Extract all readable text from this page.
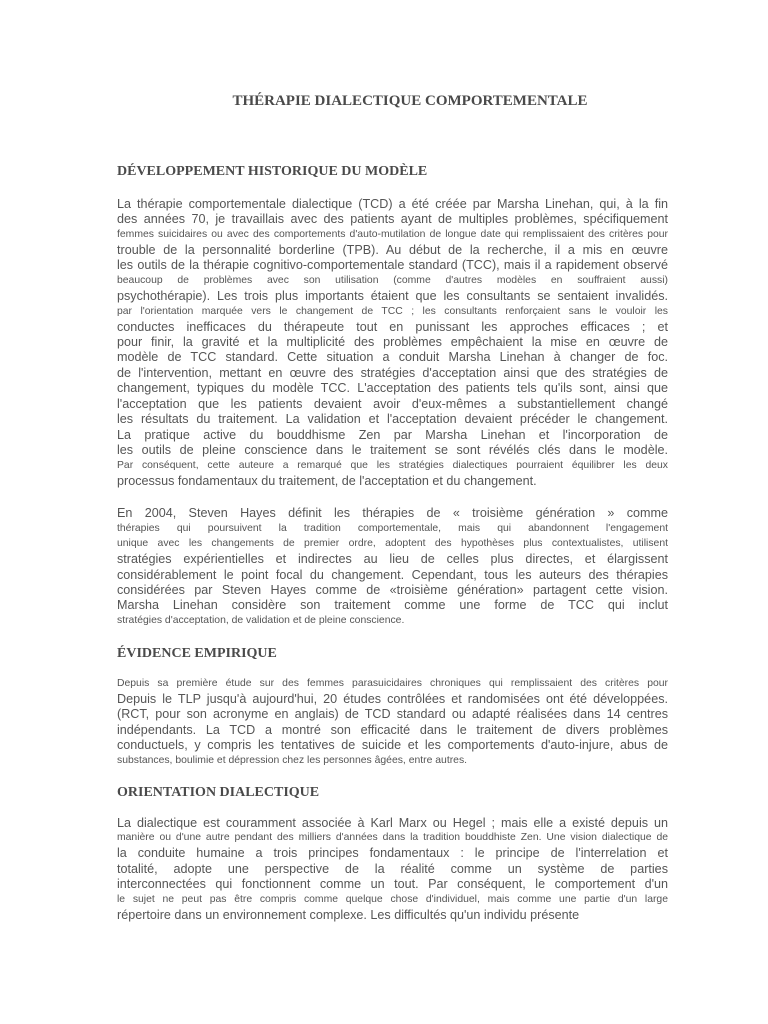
THÉRAPIE DIALECTIQUE COMPORTEMENTALE
DÉVELOPPEMENT HISTORIQUE DU MODÈLE

La thérapie comportementale dialectique (TCD) a été créée par Marsha Linehan, qui, à la fin

des années 70, je travaillais avec des patients ayant de multiples problèmes, spécifiquement

femmes suicidaires ou avec des comportements d'auto-mutilation de longue date qui remplissaient des critères pour

trouble de la personnalité borderline (TPB). Au début de la recherche, il a mis en œuvre

les outils de la thérapie cognitivo-comportementale standard (TCC), mais il a rapidement observé

beaucoup de problèmes avec son utilisation (comme d'autres modèles en souffraient aussi)

psychothérapie). Les trois plus importants étaient que les consultants se sentaient invalidés.

par l'orientation marquée vers le changement de TCC ; les consultants renforçaient sans le vouloir les

conductes inefficaces du thérapeute tout en punissant les approches efficaces ; et

pour finir, la gravité et la multiplicité des problèmes empêchaient la mise en œuvre de

modèle de TCC standard. Cette situation a conduit Marsha Linehan à changer de foc.

de l'intervention, mettant en œuvre des stratégies d'acceptation ainsi que des stratégies de

changement, typiques du modèle TCC. L'acceptation des patients tels qu'ils sont, ainsi que

l'acceptation que les patients devaient avoir d'eux-mêmes a substantiellement changé

les résultats du traitement. La validation et l'acceptation devaient précéder le changement.

La pratique active du bouddhisme Zen par Marsha Linehan et l'incorporation de

les outils de pleine conscience dans le traitement se sont révélés clés dans le modèle.

Par conséquent, cette auteure a remarqué que les stratégies dialectiques pourraient équilibrer les deux

processus fondamentaux du traitement, de l'acceptation et du changement.

En 2004, Steven Hayes définit les thérapies de « troisième génération » comme

thérapies qui poursuivent la tradition comportementale, mais qui abandonnent l'engagement

unique avec les changements de premier ordre, adoptent des hypothèses plus contextualistes, utilisent

stratégies expérientielles et indirectes au lieu de celles plus directes, et élargissent

considérablement le point focal du changement. Cependant, tous les auteurs des thérapies

considérées par Steven Hayes comme de «troisième génération» partagent cette vision.

Marsha Linehan considère son traitement comme une forme de TCC qui inclut

stratégies d'acceptation, de validation et de pleine conscience.

ÉVIDENCE EMPIRIQUE

Depuis sa première étude sur des femmes parasuicidaires chroniques qui remplissaient des critères pour

Depuis le TLP jusqu'à aujourd'hui, 20 études contrôlées et randomisées ont été développées.

(RCT, pour son acronyme en anglais) de TCD standard ou adapté réalisées dans 14 centres

indépendants. La TCD a montré son efficacité dans le traitement de divers problèmes

conductuels, y compris les tentatives de suicide et les comportements d'auto-injure, abus de

substances, boulimie et dépression chez les personnes âgées, entre autres.

ORIENTATION DIALECTIQUE

La dialectique est couramment associée à Karl Marx ou Hegel ; mais elle a existé depuis un

manière ou d'une autre pendant des milliers d'années dans la tradition bouddhiste Zen. Une vision dialectique de

la conduite humaine a trois principes fondamentaux : le principe de l'interrelation et

totalité, adopte une perspective de la réalité comme un système de parties

interconnectées qui fonctionnent comme un tout. Par conséquent, le comportement d'un

le sujet ne peut pas être compris comme quelque chose d'individuel, mais comme une partie d'un large

répertoire dans un environnement complexe. Les difficultés qu'un individu présente
